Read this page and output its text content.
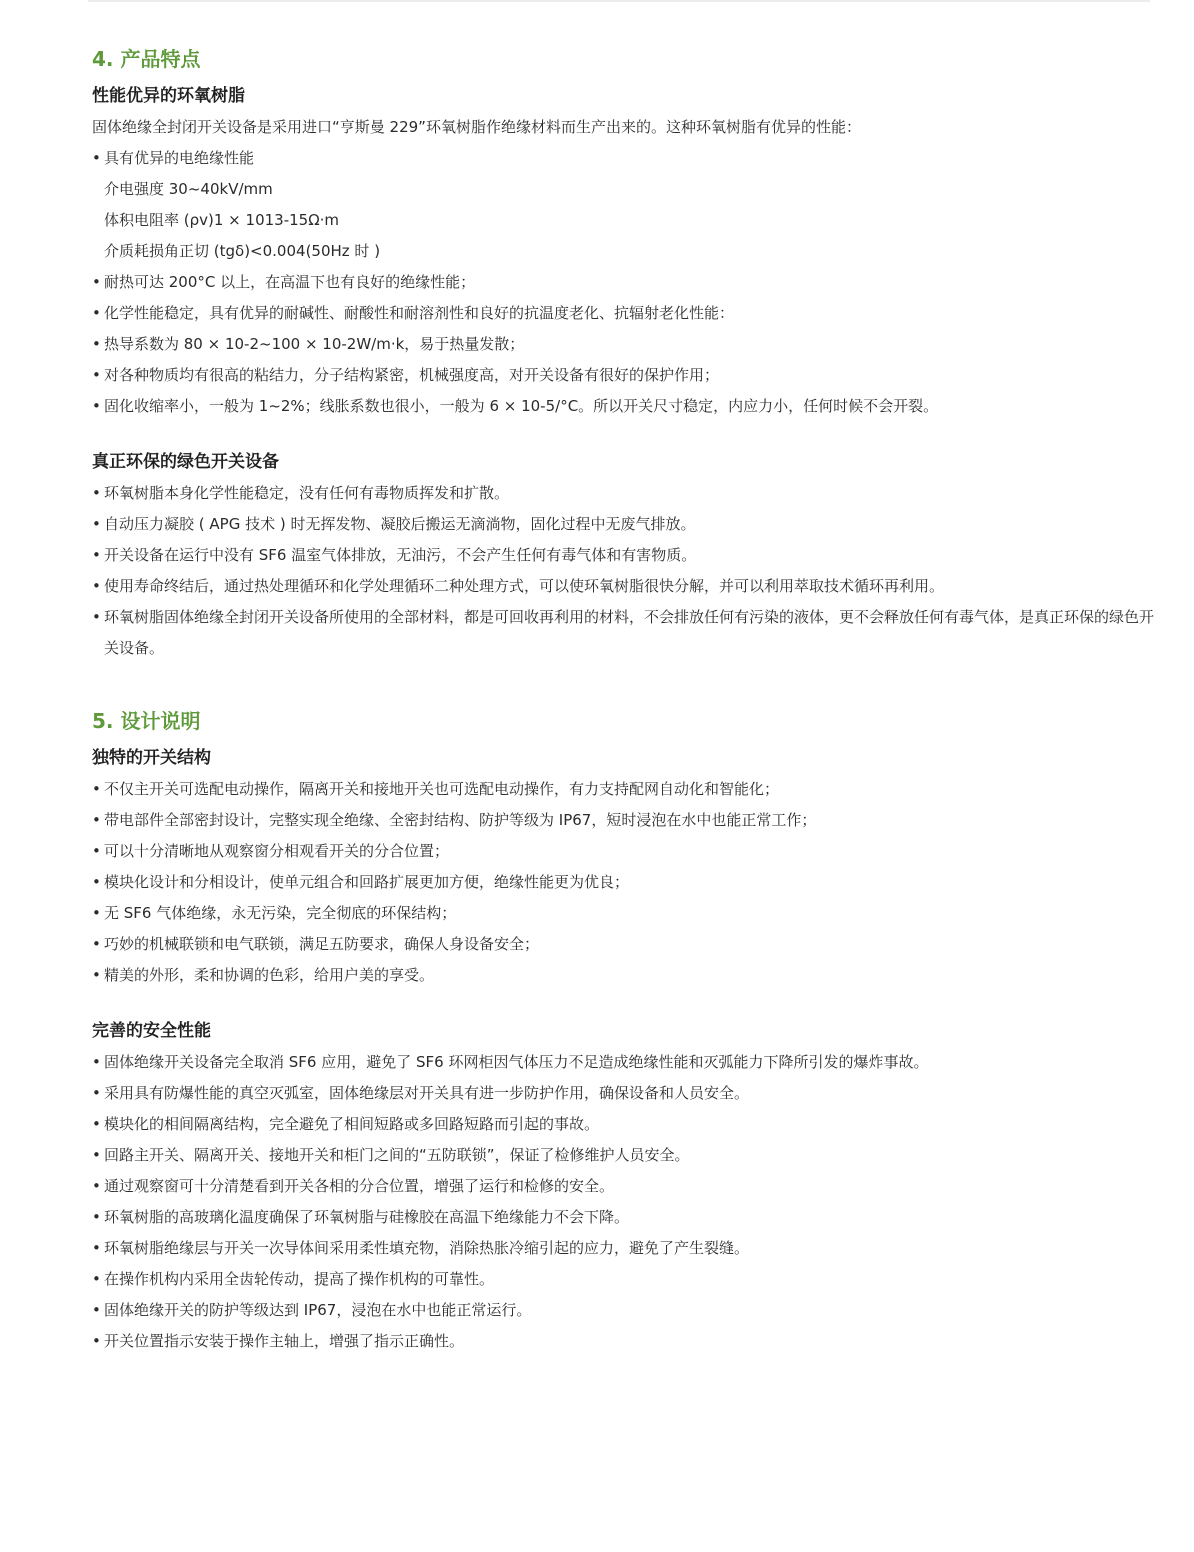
4. 产品特点
性能优异的环氧树脂

固体绝缘全封闭开关设备是采用进口“亨斯曼 229”环氧树脂作绝缘材料而生产出来的。这种环氧树脂有优异的性能：

• 具有优异的电绝缘性能
介电强度 30~40kV/mm
体积电阻率 (ρv)1 × 1013-15Ω·m
介质耗损角正切 (tgδ)<0.004(50Hz 时 )
• 耐热可达 200°C 以上，在高温下也有良好的绝缘性能；
• 化学性能稳定，具有优异的耐碱性、耐酸性和耐溶剂性和良好的抗温度老化、抗辐射老化性能：
• 热导系数为 80 × 10-2~100 × 10-2W/m·k，易于热量发散；
• 对各种物质均有很高的粘结力，分子结构紧密，机械强度高，对开关设备有很好的保护作用；
• 固化收缩率小，一般为 1~2%；线胀系数也很小，一般为 6 × 10-5/°C。所以开关尺寸稳定，内应力小，任何时候不会开裂。
真正环保的绿色开关设备
• 环氧树脂本身化学性能稳定，没有任何有毒物质挥发和扩散。
• 自动压力凝胶 ( APG 技术 ) 时无挥发物、凝胶后搬运无滴淌物，固化过程中无废气排放。
• 开关设备在运行中没有 SF6 温室气体排放，无油污，不会产生任何有毒气体和有害物质。
• 使用寿命终结后，通过热处理循环和化学处理循环二种处理方式，可以使环氧树脂很快分解，并可以利用萃取技术循环再利用。
• 环氧树脂固体绝缘全封闭开关设备所使用的全部材料，都是可回收再利用的材料，不会排放任何有污染的液体，更不会释放任何有毒气体，是真正环保的绿色开关设备。
5. 设计说明
独特的开关结构
• 不仅主开关可选配电动操作，隔离开关和接地开关也可选配电动操作，有力支持配网自动化和智能化；
• 带电部件全部密封设计，完整实现全绝缘、全密封结构、防护等级为 IP67，短时浸泡在水中也能正常工作；
• 可以十分清晰地从观察窗分相观看开关的分合位置；
• 模块化设计和分相设计，使单元组合和回路扩展更加方便，绝缘性能更为优良；
• 无 SF6 气体绝缘，永无污染，完全彻底的环保结构；
• 巧妙的机械联锁和电气联锁，满足五防要求，确保人身设备安全；
• 精美的外形，柔和协调的色彩，给用户美的享受。
完善的安全性能
• 固体绝缘开关设备完全取消 SF6 应用，避免了 SF6 环网柜因气体压力不足造成绝缘性能和灭弧能力下降所引发的爆炸事故。
• 采用具有防爆性能的真空灭弧室，固体绝缘层对开关具有进一步防护作用，确保设备和人员安全。
• 模块化的相间隔离结构，完全避免了相间短路或多回路短路而引起的事故。
• 回路主开关、隔离开关、接地开关和柜门之间的“五防联锁”，保证了检修维护人员安全。
• 通过观察窗可十分清楚看到开关各相的分合位置，增强了运行和检修的安全。
• 环氧树脂的高玻璃化温度确保了环氧树脂与硅橡胶在高温下绝缘能力不会下降。
• 环氧树脂绝缘层与开关一次导体间采用柔性填充物，消除热胀冷缩引起的应力，避免了产生裂缝。
• 在操作机构内采用全齿轮传动，提高了操作机构的可靠性。
• 固体绝缘开关的防护等级达到 IP67，浸泡在水中也能正常运行。
• 开关位置指示安装于操作主轴上，增强了指示正确性。
